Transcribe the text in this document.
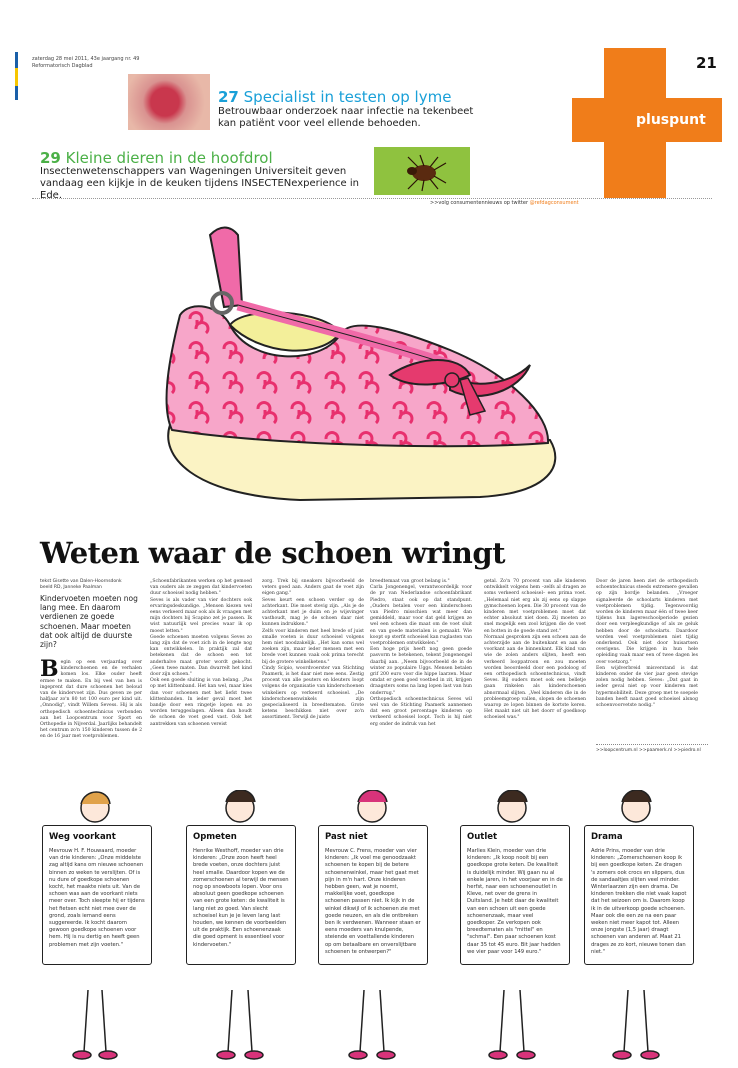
zaterdag 28 mei 2011, 43e jaargang nr. 49
Reformatorisch Dagblad	21
pluspunt
27 Specialist in testen op lyme
Betrouwbaar onderzoek naar infectie na tekenbeet kan patiënt voor veel ellende behoeden.
29 Kleine dieren in de hoofdrol
Insectenwetenschappers van Wageningen Universiteit geven vandaag een kijkje in de keuken tijdens INSECTENexperience in Ede.
>>volg consumentennieuws op twitter @refdagconsument
Weten waar de schoen wringt
tekst Gisette van Dalen-Hoornsdonk
beeld RD, Janneke Paalman
Kindervoeten moeten nog lang mee. En daarom verdienen ze goede schoenen. Maar moeten dat ook altijd de duurste zijn?
B egin op een verjaardag over kinderschoenen en de verhalen komen los. Elke ouder heeft ermee te maken. En bij veel van hen is ingeprent dat dure schoenen het beloud van de kindervoet zijn. Dus geven ze per halfjaar zo'n 80 tot 100 euro per kind uit. „Onnodig", vindt Willem Sevess. Hij is als orthopedisch schoentechnicus verbonden aan het Loopcentrum voor Sport en Orthopedie in Nijverdal. Jaarlijks behandelt het centrum zo'n 150 kinderen tussen de 2 en de 16 jaar met voetproblemen.
„Schoenfabrikanten werken op het gemoed van ouders als ze zeggen dat kindervoeten duur schoeisel nodig hebben."
Seves is als vader van vier dochters ook ervaringsdeskundige. „Mensen kiezen wel eens verkeerd maar ook als ik vraagen met mijn dochters bij Scapino zet je passen. Ik wist natuurlijk wel precies waar ik op moest letten."
Goede schoenen moeten volgens Seves zo lang zijn dat de voet zich in de lengte nog kan ontwikkelen. In praktijk zal dat betekenen dat de schoen een tot anderhalve maat groter wordt gekocht. „Geen twee maten. Dan dwarrelt het kind door zijn schoen."
Ook een goede sluiting is van belang. „Pas op met klittenband. Het kan wel, maar kies dan voor schoenen met het liefst twee klittenbanden. In ieder geval moet het bandje door een ringetje lopen en zo worden teruggeslagen. Alleen dan houdt de schoen de voet goed vast. Ook het aantrekken van schoenen vereist
zorg. Trek bij sneakers bijvoorbeeld de veters goed aan. Anders gaat de voet zijn eigen gang."
Seves keurt een schoen verder op de achterkant. Die moet stevig zijn. „Als je de achterkant met je duim en je wijsvinger vasthoudt, mag je de schoen daar niet kunnen indrukken."
Zelfs voor kinderen met heel brede of juist smalle voeten is duur schoeisel volgens hem niet noodzakelijk. „Het kan soms wel zoeken zijn, maar ieder mensen met een brede voet kunnen vaak ook prima terecht bij de grotere winkelketens."
Cindy Scipio, woordvoerster van Stichting Paamerk, is het daar niet mee eens. Zestig procent van alle peuters en kleuters loopt volgens de organisatie van kinderschoenen winkeliers op verkeerd schoeisel. „De kinderschoenenwinkels zijn gespecialiseerd in breedtematen. Grote ketens beschikken niet over zo'n assortiment. Terwijl de juiste
breedtemaat van groot belang is."
Carla Jongenengel, verantwoordelijk voor de pr van Nederlandse schoenfabrikant Piedro, staat ook op dat standpunt. „Ouders betalen voor een kinderschoen van Piedro misschien wat meer dan gemiddeld, maar voor dat geld krijgen ze wel een schoen die maat om de voet sluit en van goede materialen is gemaakt. Wie koopt op sterfit schoeisel kan ruglasten van voetproblemen ontwikkelen."
Een hoge prijs heeft nog geen goede pasvorm te betekenen, tekent Jongenengel daarbij aan. „Neem bijvoorbeeld de in de winter zo populaire Uggs. Mensen betalen grif 200 euro voor die hippe laarzen. Maar omdat er geen goed voetbed in zit, krijgen draagsters soms na lang lopen last van hun onderrug."
Orthopedisch schoentechnicus Seves wil wel van de Stichting Paamerk aannemen dat een groot percentage kinderen op verkeerd schoeisel loopt. Toch is hij niet erg onder de indruk van het
getal. Zo'n 70 procent van alle kinderen ontwikkelt volgens hem –zelfs al dragen ze soms verkeerd schoeisel– een prima voet. „Helemaal niet erg als zij eens op slappe gymschoenen lopen. Die 30 procent van de kinderen met voetproblemen moet dat echter absoluut niet doen. Zij moeten zo snel mogelijk een zool krijgen die de voet en botten in de goede stand zet."
Normaal gesproken zijn een schoen aan de achterzijde aan de buitenkant en aan de voorkant aan de binnenkant. Elk kind van wie de zolen anders slijten, heeft een verkeerd looppatroon en zou moeten worden beoordeeld door een podoloog of een orthopedisch schoentechnicus, vindt Seves. Bij ouders moet ook een belletje gaan rinkelen als kinderschoenen abnormaal slijten. „Veel kinderen die in de probleemgroep vallen, slopen de schoenen waarop ze lopen binnen de kortste keren. Het maakt niet uit het doorr of goedkoop schoeisel was."
Door de jaren heen ziet de orthopedisch schoentechnicus steeds extremere gevallen op zijn bordje belanden. „Vroeger signaleerde de schoolarts kinderen met voetproblemen tijdig. Tegenwoordig worden de kinderen maar één of twee keer tijdens hun lagereschoolperiode gezien door een verpleegkundige of als ze geluk hebben door de schoolarts. Daardoor worden veel voetproblemen niet tijdig onderkend. Ook niet door huisartsen overigens. Die krijgen in hun hele opleiding vaak maar een of twee dagen les over voetzorg."
Een wijdverbreid misverstand is dat kinderen onder de vier jaar geen stevige zolen nodig hebben. Seves: „Dat gaat in ieder geval niet op voor kinderen met hypermobiliteit. Deze groep met te soepele banden heeft naast goed schoeisel alsnog schoenvoorvetste nodig."
>>loopcentrum.nl >>paamerk.nl >>piedro.nl
Weg voorkant
Mevrouw H. F. Houwaard, moeder van drie kinderen: „Onze middelste zag altijd kans om nieuwe schoenen binnen zo weken te verslijten. Of is nu dure of goedkope schoenen kocht, het maakte niets uit. Van de schoen was aan de voorkant niets meer over. Toch sleepte hij er tijdens het fietsen echt niet mee over de grond, zoals iemand eens suggereerde. Ik kocht daarom gewoon goedkope schoenen voor hem. Hij is nu dertig en heeft geen problemen met zijn voeten."
Opmeten
Henrike Westhoff, moeder van drie kinderen: „Onze zoon heeft heel brede voeten, onze dochters juist heel smalle. Daardoor kopen we de zomerschoenen al terwijl de mensen nog op snowboots lopen. Voor ons absoluut geen goedkope schoenen van een grote keten: de kwaliteit is lang niet zo goed. Van slecht schoeisel kun je je leven lang last houden, we kennen de voorbeelden uit de praktijk. Een schoenenzaak die goed opment is essentieel voor kindervoeten."
Past niet
Mevrouw C. Frens, moeder van vier kinderen: „Ik voel me genoodzaakt schoenen te kopen bij de betere schoenenwinkel, maar het gaat met pijn in m'n hart. Onze kinderen hebben geen, wat je noemt, makkelijke voet, goedkope schoenen passen niet. Ik kijk in de winkel dikwijl of ik schoenen zie met goede neuzen, en als die ontbreken ben ik verdwenen. Wanneer staan er eens moeders van knulpende, steiende en voettallende kinderen op om betaalbare en onverslijtbare schoenen te ontwerpen?"
Outlet
Marlies Klein, moeder van drie kinderen: „Ik koop nooit bij een goedkope grote keten. De kwaliteit is duidelijk minder. Wij gaan nu al enkele jaren, in het voorjaar en in de herfst, naar een schoenenoutlet in Kleve, net over de grens in Duitsland. Je hebt daar de kwaliteit van een schoen uit een goede schoenenzaak, maar veel goedkoper. Ze verkopen ook breedtematen als "mittel" en "schmal". Een paar schoenen kost daar 35 tot 45 euro. Bit jaar hadden we vier paar voor 149 euro."
Drama
Adrie Prins, moeder van drie kinderen: „Zomerschoenen koop ik bij een goedkope keten. Ze dragen 's zomers ook crocs en slippers, dus de sandaaltjes slijten veel minder. Winterlaarzen zijn een drama. De kinderen trekken die niet vaak kapot dat het seizoen om is. Daarom koop ik in de uitverkoop goede schoenen. Maar ook die een ze na een paar weken niet meer kapot tot. Alleen onze jongste (1,5 jaar) draagt schoenen van anderen af. Maat 21 drages ze zo kort, nieuwe tonen dan niet."
